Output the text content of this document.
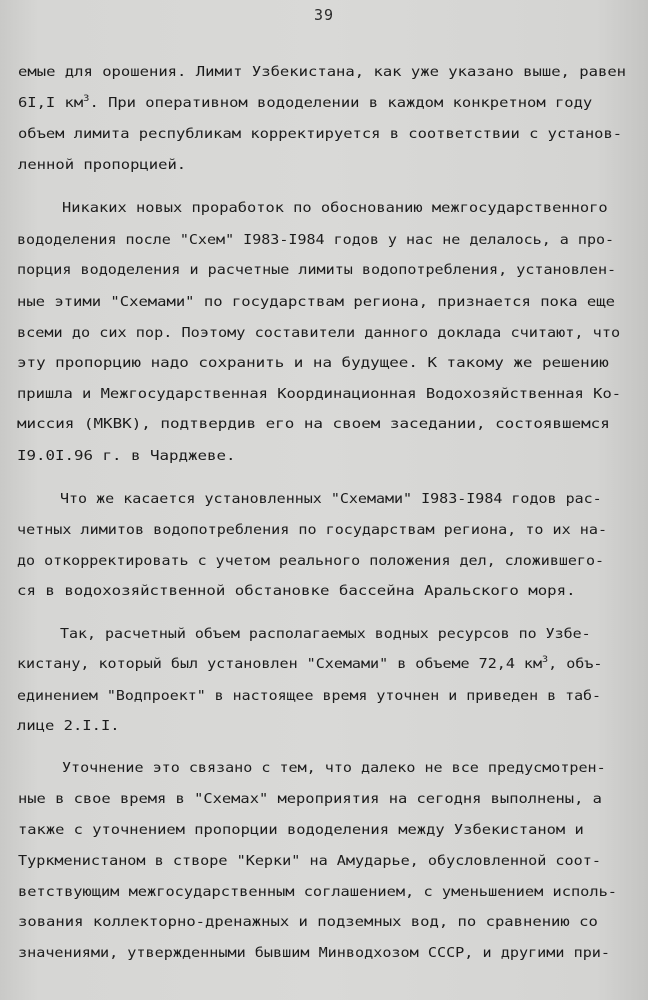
39
емые для орошения. Лимит Узбекистана, как уже указано выше, равен
6I,I $км^3$. При оперативном вододелении в каждом конкретном году
объем лимита республикам корректируется в соответствии с установ-
ленной пропорцией.
Никаких новых проработок по обоснованию межгосударственного
вододеления после "Схем" I983-I984 годов у нас не делалось, а про-
порция вододеления и расчетные лимиты водопотребления, установлен-
ные этими "Схемами" по государствам региона, признается пока еще
всеми до сих пор. Поэтому составители данного доклада считают, что
эту пропорцию надо сохранить и на будущее. К такому же решению
пришла и Межгосударственная Координационная Водохозяйственная Ко-
миссия (МКВК), подтвердив его на своем заседании, состоявшемся
I9.0I.96 г. в Чарджеве.
Что же касается установленных "Схемами" I983-I984 годов рас-
четных лимитов водопотребления по государствам региона, то их на-
до откорректировать с учетом реального положения дел, сложившего-
ся в водохозяйственной обстановке бассейна Аральского моря.
Так, расчетный объем располагаемых водных ресурсов по Узбе-
кистану, который был установлен "Схемами" в объеме 72,4 $км^3$, объ-
единением "Водпроект" в настоящее время уточнен и приведен в таб-
лице 2.I.I.
Уточнение это связано с тем, что далеко не все предусмотрен-
ные в свое время в "Схемах" мероприятия на сегодня выполнены, а
также с уточнением пропорции вододеления между Узбекистаном и
Туркменистаном в створе "Керки" на Амударье, обусловленной соот-
ветствующим межгосударственным соглашением, с уменьшением исполь-
зования коллекторно-дренажных и подземных вод, по сравнению со
значениями, утвержденными бывшим Минводхозом СССР, и другими при-
